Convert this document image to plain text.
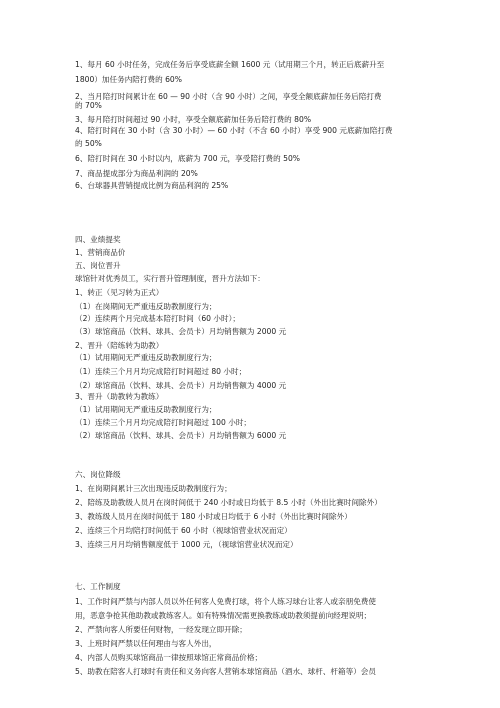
1、每月 60 小时任务，完成任务后享受底薪全额 1600 元（试用期三个月，转正后底薪升至
1800）加任务内陪打费的 60%
2、当月陪打时间累计在 60 — 90 小时（含 90 小时）之间，享受全额底薪加任务后陪打费
的 70%
3、每月陪打时间超过 90 小时，享受全额底薪加任务后陪打费的 80%
4、陪打时间在 30 小时（含 30 小时）— 60 小时（不含 60 小时）享受 900 元底薪加陪打费
的 50%
6、陪打时间在 30 小时以内，底薪为 700 元，享受陪打费的 50%
7、商品提成部分为商品利润的 20%
6、台球器具营销提成比例为商品利润的 25%
四、业绩提奖
1、营销商品价
五、岗位晋升
球馆针对优秀员工，实行晋升管理制度，晋升方法如下：
1、转正（见习转为正式）
（1）在岗期间无严重违反助教制度行为；
（2）连续两个月完成基本陪打时间（60 小时）；
（3）球馆商品（饮料、球具、会员卡）月均销售额为 2000 元
2、晋升（陪练转为助教）
（1）试用期间无严重违反助教制度行为；
（1）连续三个月月均完成陪打时间超过 80 小时；
（2）球馆商品（饮料、球具、会员卡）月均销售额为 4000 元
3、晋升（助教转为教练）
（1）试用期间无严重违反助教制度行为；
（1）连续三个月月均完成陪打时间超过 100 小时；
（2）球馆商品（饮料、球具、会员卡）月均销售额为 6000 元
六、岗位降级
1、在岗期间累计三次出现违反助教制度行为；
2、陪练及助教级人员月在岗时间低于 240 小时或日均低于 8.5 小时（外出比赛时间除外）
3、教练级人员月在岗时间低于 180 小时或日均低于 6 小时（外出比赛时间除外）
2、连续三个月均陪打时间低于 60 小时（视球馆营业状况而定）
3、连续三月月均销售额度低于 1000 元，（视球馆营业状况而定）
七、工作制度
1、工作时间严禁与内部人员以外任何客人免费打球，将个人练习球台让客人或亲朋免费使
用，恶意争抢其他助教或教练客人。如有特殊情况需更换教练或助教须提前向经理说明；
2、严禁向客人所要任何财物，一经发现立即开除；
3、上班时间严禁以任何理由与客人外出，
4、内部人员购买球馆商品一律按照球馆正常商品价格；
5、助教在陪客人打球时有责任和义务向客人营销本球馆商品（酒水、球杆、杆箱等）会员
